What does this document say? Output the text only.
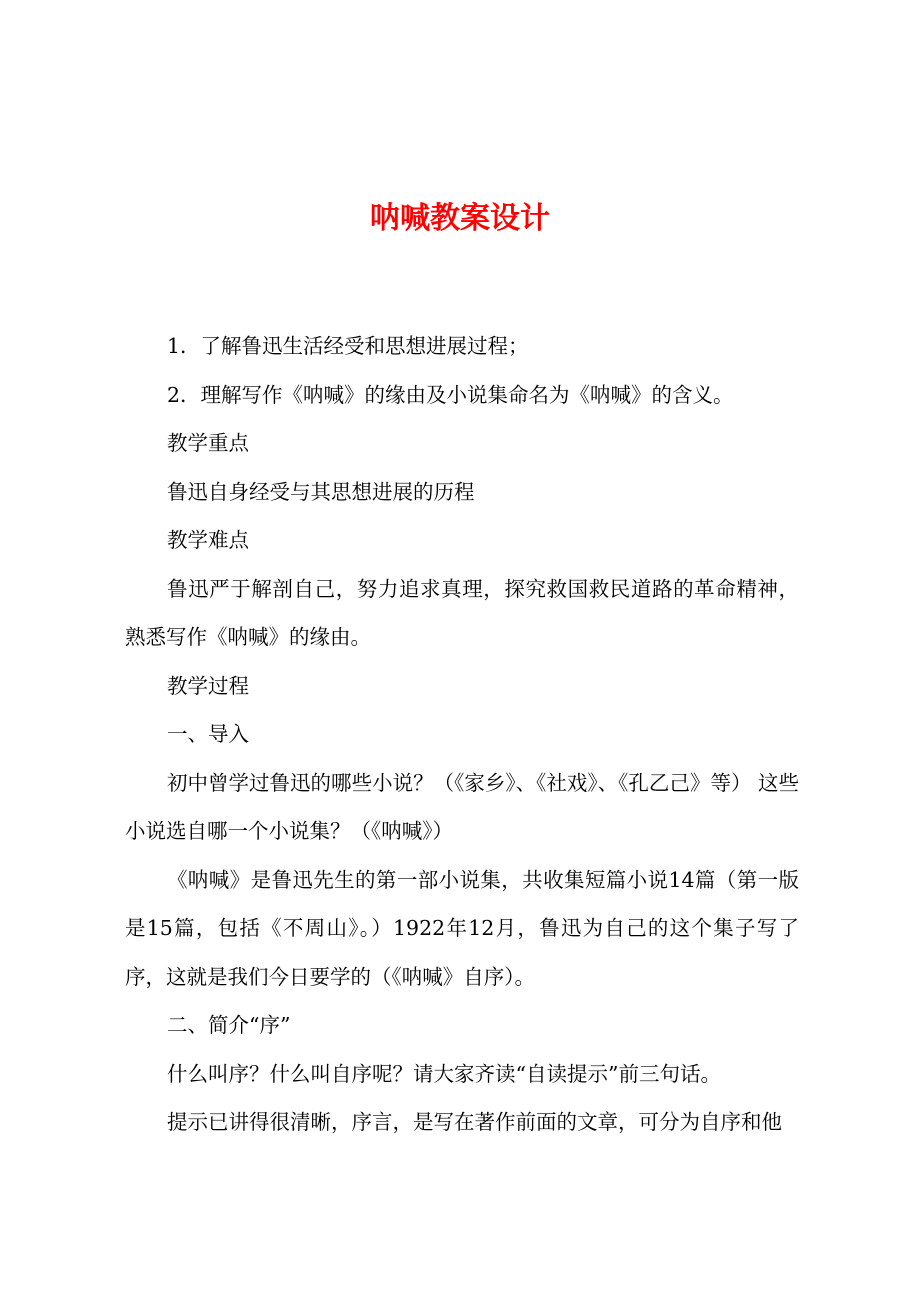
呐喊教案设计

1．了解鲁迅生活经受和思想进展过程；

2．理解写作《呐喊》的缘由及小说集命名为《呐喊》的含义。

教学重点

鲁迅自身经受与其思想进展的历程

教学难点

鲁迅严于解剖自己，努力追求真理，探究救国救民道路的革命精神，熟悉写作《呐喊》的缘由。

教学过程

一、导入

初中曾学过鲁迅的哪些小说？（《家乡》、《社戏》、《孔乙己》等） 这些小说选自哪一个小说集？（《呐喊》）

《呐喊》是鲁迅先生的第一部小说集，共收集短篇小说14篇（第一版是15篇，包括《不周山》。）1922年12月，鲁迅为自己的这个集子写了序，这就是我们今日要学的（《呐喊》自序）。

二、简介“序”

什么叫序？什么叫自序呢？请大家齐读“自读提示”前三句话。

提示已讲得很清晰，序言，是写在著作前面的文章，可分为自序和他
